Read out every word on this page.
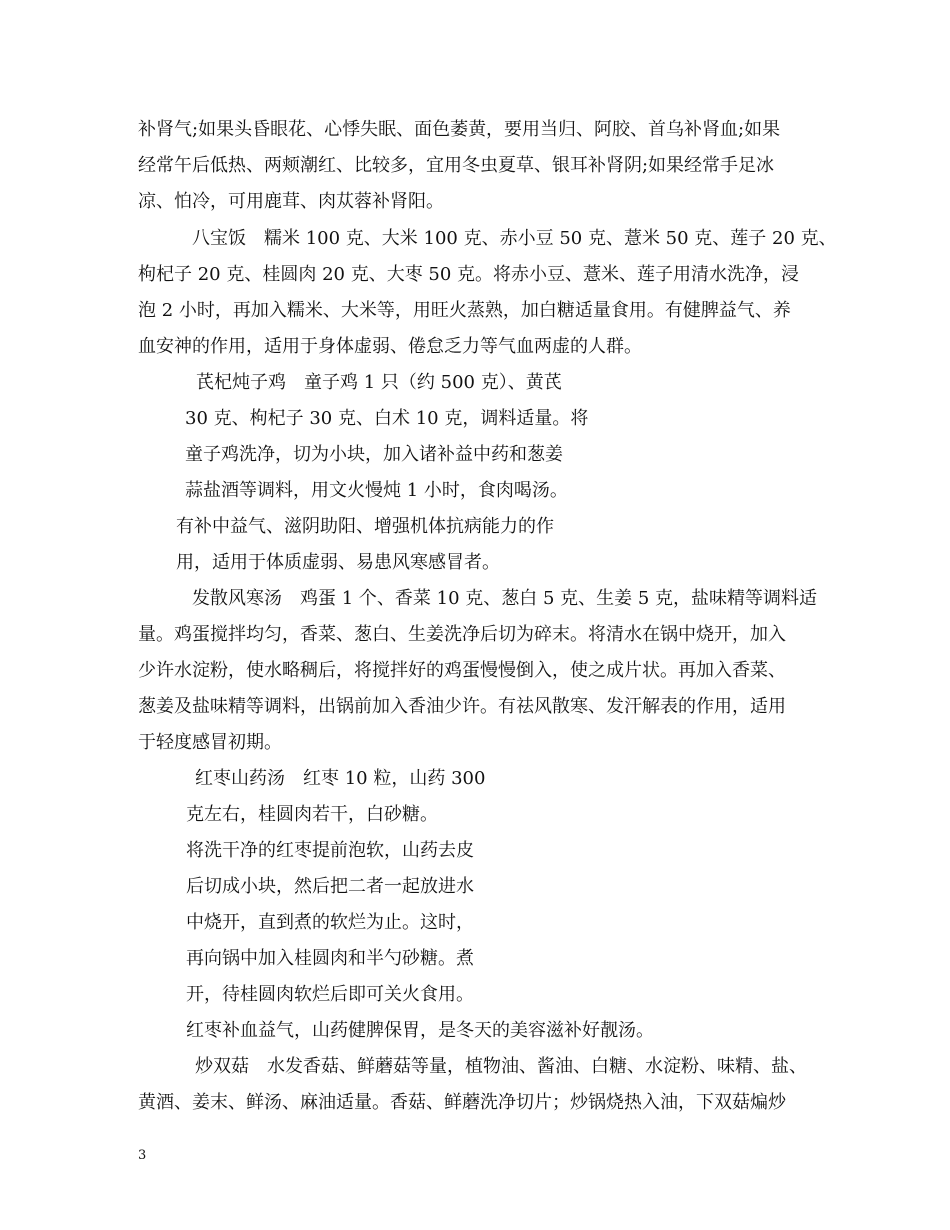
补肾气;如果头昏眼花、心悸失眠、面色萎黄，要用当归、阿胶、首乌补肾血;如果
经常午后低热、两颊潮红、比较多，宜用冬虫夏草、银耳补肾阴;如果经常手足冰
凉、怕冷，可用鹿茸、肉苁蓉补肾阳。
八宝饭　糯米 100 克、大米 100 克、赤小豆 50 克、薏米 50 克、莲子 20 克、
枸杞子 20 克、桂圆肉 20 克、大枣 50 克。将赤小豆、薏米、莲子用清水洗净，浸
泡 2 小时，再加入糯米、大米等，用旺火蒸熟，加白糖适量食用。有健脾益气、养
血安神的作用，适用于身体虚弱、倦怠乏力等气血两虚的人群。
芪杞炖子鸡　童子鸡 1 只（约 500 克）、黄芪
30 克、枸杞子 30 克、白术 10 克，调料适量。将
童子鸡洗净，切为小块，加入诸补益中药和葱姜
蒜盐酒等调料，用文火慢炖 1 小时，食肉喝汤。
有补中益气、滋阴助阳、增强机体抗病能力的作
用，适用于体质虚弱、易患风寒感冒者。
发散风寒汤　鸡蛋 1 个、香菜 10 克、葱白 5 克、生姜 5 克，盐味精等调料适
量。鸡蛋搅拌均匀，香菜、葱白、生姜洗净后切为碎末。将清水在锅中烧开，加入
少许水淀粉，使水略稠后，将搅拌好的鸡蛋慢慢倒入，使之成片状。再加入香菜、
葱姜及盐味精等调料，出锅前加入香油少许。有祛风散寒、发汗解表的作用，适用
于轻度感冒初期。
红枣山药汤　红枣 10 粒，山药 300
克左右，桂圆肉若干，白砂糖。
将洗干净的红枣提前泡软，山药去皮
后切成小块，然后把二者一起放进水
中烧开，直到煮的软烂为止。这时，
再向锅中加入桂圆肉和半勺砂糖。煮
开，待桂圆肉软烂后即可关火食用。
红枣补血益气，山药健脾保胃，是冬天的美容滋补好靓汤。
炒双菇　水发香菇、鲜蘑菇等量，植物油、酱油、白糖、水淀粉、味精、盐、
黄酒、姜末、鲜汤、麻油适量。香菇、鲜蘑洗净切片；炒锅烧热入油，下双菇煸炒
3
